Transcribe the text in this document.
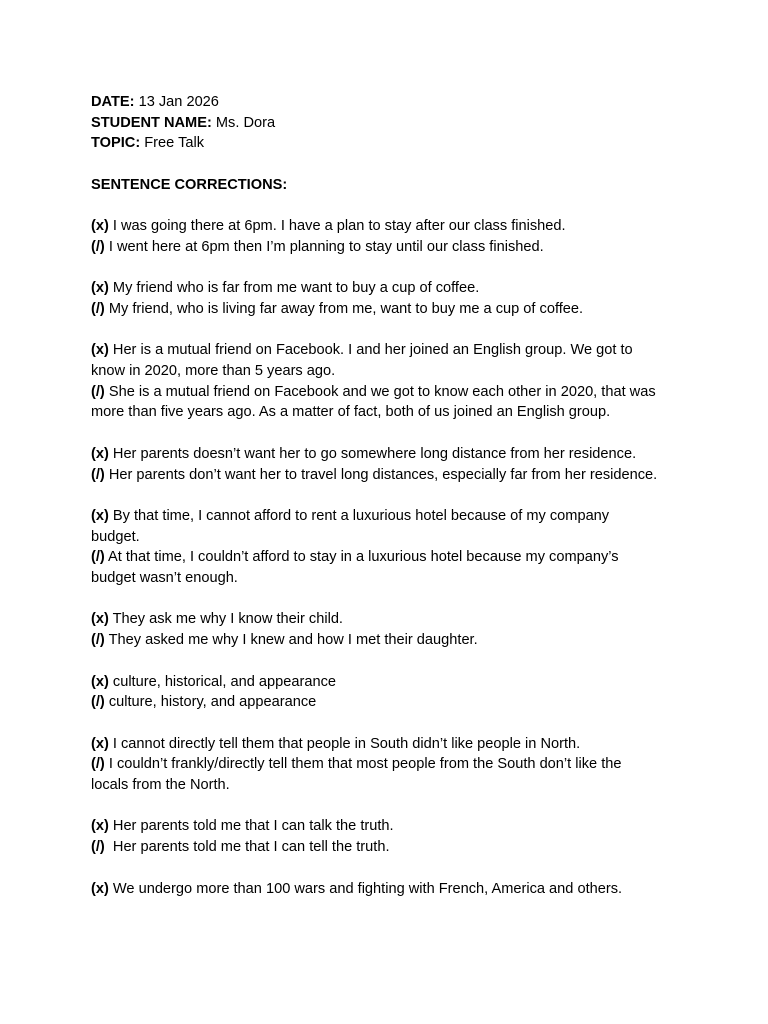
DATE: 13 Jan 2026

STUDENT NAME: Ms. Dora

TOPIC: Free Talk

SENTENCE CORRECTIONS:

(x) I was going there at 6pm. I have a plan to stay after our class finished.

(/) I went here at 6pm then I’m planning to stay until our class finished.

(x) My friend who is far from me want to buy a cup of coffee.

(/) My friend, who is living far away from me, want to buy me a cup of coffee.

(x) Her is a mutual friend on Facebook. I and her joined an English group. We got to know in 2020, more than 5 years ago.

(/) She is a mutual friend on Facebook and we got to know each other in 2020, that was more than five years ago. As a matter of fact, both of us joined an English group.

(x) Her parents doesn’t want her to go somewhere long distance from her residence.

(/) Her parents don’t want her to travel long distances, especially far from her residence.

(x) By that time, I cannot afford to rent a luxurious hotel because of my company budget.

(/) At that time, I couldn’t afford to stay in a luxurious hotel because my company’s budget wasn’t enough.

(x) They ask me why I know their child.

(/) They asked me why I knew and how I met their daughter.

(x) culture, historical, and appearance

(/) culture, history, and appearance

(x) I cannot directly tell them that people in South didn’t like people in North.

(/) I couldn’t frankly/directly tell them that most people from the South don’t like the locals from the North.

(x) Her parents told me that I can talk the truth.

(/)  Her parents told me that I can tell the truth.

(x) We undergo more than 100 wars and fighting with French, America and others.
